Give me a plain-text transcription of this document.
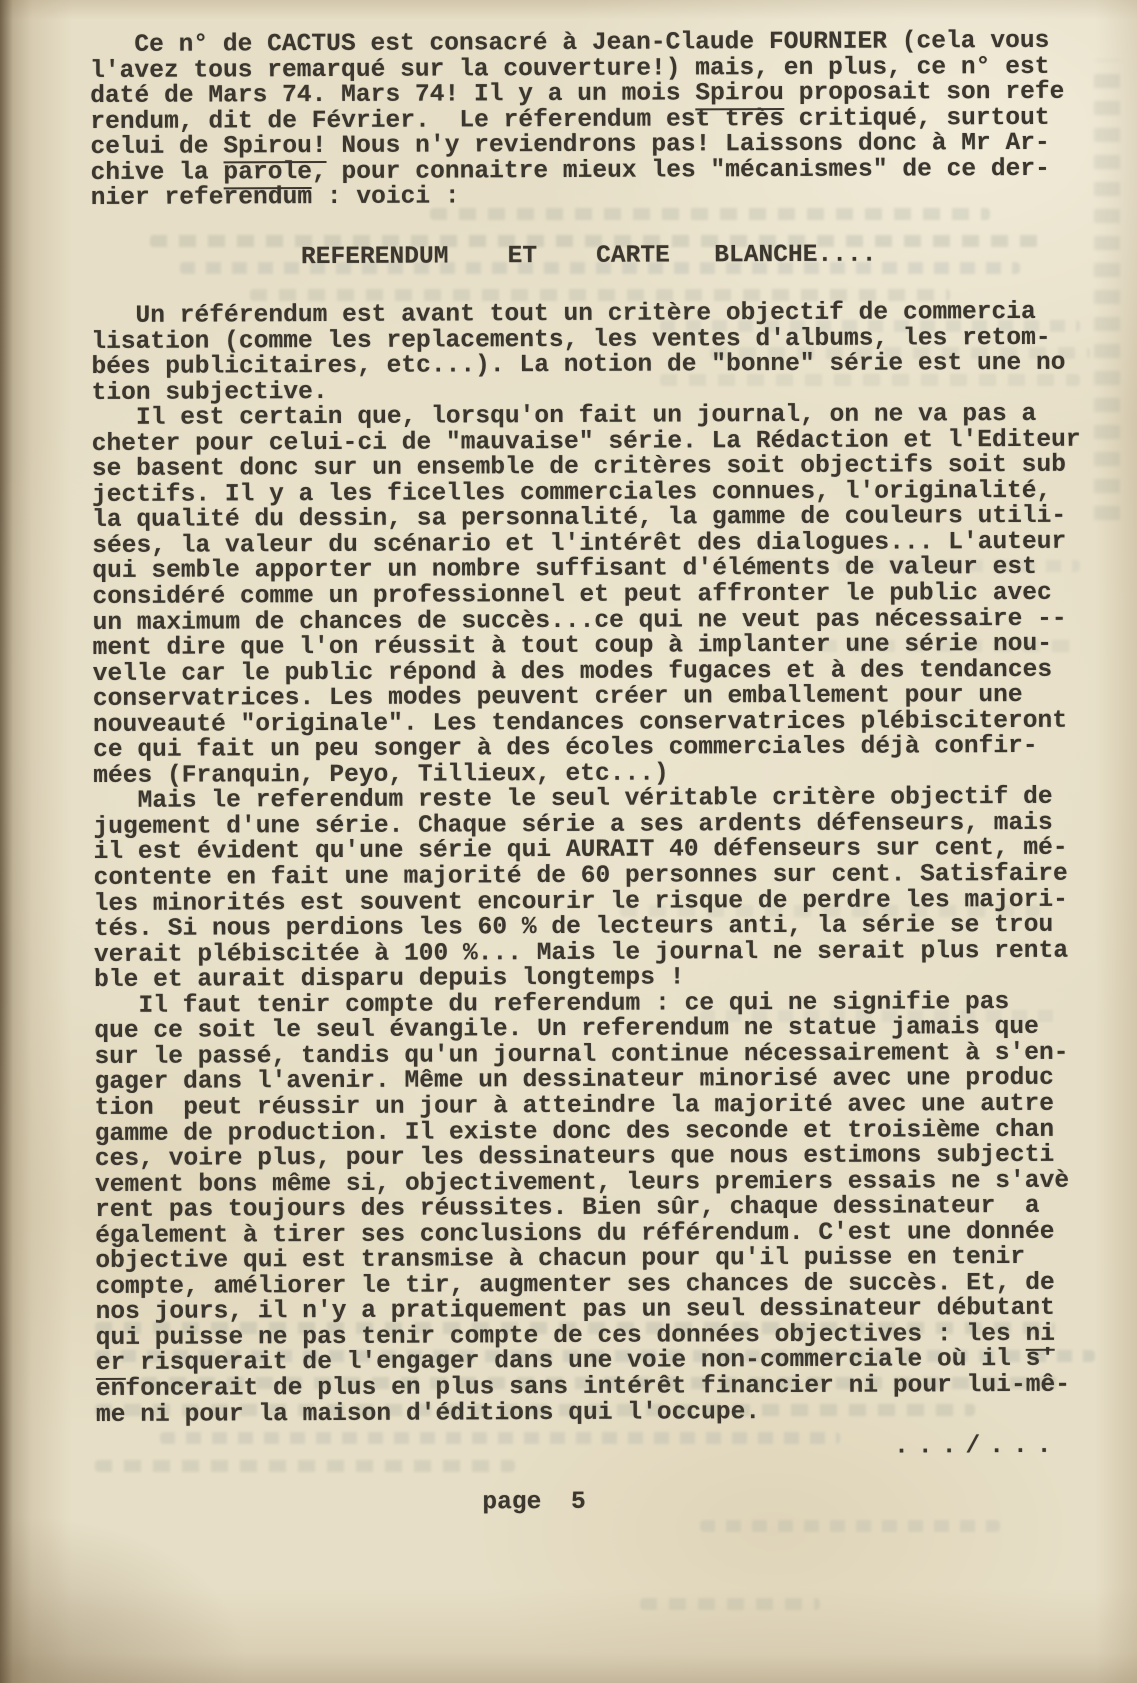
Ce n° de CACTUS est consacré à Jean-Claude FOURNIER (cela vous
l'avez tous remarqué sur la couverture!) mais, en plus, ce n° est
daté de Mars 74. Mars 74! Il y a un mois Spirou proposait son refe
rendum, dit de Février.  Le réferendum est très critiqué, surtout
celui de Spirou! Nous n'y reviendrons pas! Laissons donc à Mr Ar-
chive la parole, pour connaitre mieux les "mécanismes" de ce der-
nier referendum : voici :
REFERENDUM    ET    CARTE   BLANCHE....
Un référendum est avant tout un critère objectif de commercia
lisation (comme les replacements, les ventes d'albums, les retom-
bées publicitaires, etc...). La notion de "bonne" série est une no
tion subjective.
Il est certain que, lorsqu'on fait un journal, on ne va pas a
cheter pour celui-ci de "mauvaise" série. La Rédaction et l'Editeur
se basent donc sur un ensemble de critères soit objectifs soit sub
jectifs. Il y a les ficelles commerciales connues, l'originalité,
la qualité du dessin, sa personnalité, la gamme de couleurs utili-
sées, la valeur du scénario et l'intérêt des dialogues... L'auteur
qui semble apporter un nombre suffisant d'éléments de valeur est
considéré comme un professionnel et peut affronter le public avec
un maximum de chances de succès...ce qui ne veut pas nécessaire --
ment dire que l'on réussit à tout coup à implanter une série nou-
velle car le public répond à des modes fugaces et à des tendances
conservatrices. Les modes peuvent créer un emballement pour une
nouveauté "originale". Les tendances conservatrices plébisciteront
ce qui fait un peu songer à des écoles commerciales déjà confir-
mées (Franquin, Peyo, Tillieux, etc...)
Mais le referendum reste le seul véritable critère objectif de
jugement d'une série. Chaque série a ses ardents défenseurs, mais
il est évident qu'une série qui AURAIT 40 défenseurs sur cent, mé-
contente en fait une majorité de 60 personnes sur cent. Satisfaire
les minorités est souvent encourir le risque de perdre les majori-
tés. Si nous perdions les 60 % de lecteurs anti, la série se trou
verait plébiscitée à 100 %... Mais le journal ne serait plus renta
ble et aurait disparu depuis longtemps !
Il faut tenir compte du referendum : ce qui ne signifie pas
que ce soit le seul évangile. Un referendum ne statue jamais que
sur le passé, tandis qu'un journal continue nécessairement à s'en-
gager dans l'avenir. Même un dessinateur minorisé avec une produc
tion  peut réussir un jour à atteindre la majorité avec une autre
gamme de production. Il existe donc des seconde et troisième chan
ces, voire plus, pour les dessinateurs que nous estimons subjecti
vement bons même si, objectivement, leurs premiers essais ne s'avè
rent pas toujours des réussites. Bien sûr, chaque dessinateur  a
également à tirer ses conclusions du référendum. C'est une donnée
objective qui est transmise à chacun pour qu'il puisse en tenir
compte, améliorer le tir, augmenter ses chances de succès. Et, de
nos jours, il n'y a pratiquement pas un seul dessinateur débutant
qui puisse ne pas tenir compte de ces données objectives : les ni
er risquerait de l'engager dans une voie non-commerciale où il s'
enfoncerait de plus en plus sans intérêt financier ni pour lui-mê-
me ni pour la maison d'éditions qui l'occupe.
.../...
page  5
